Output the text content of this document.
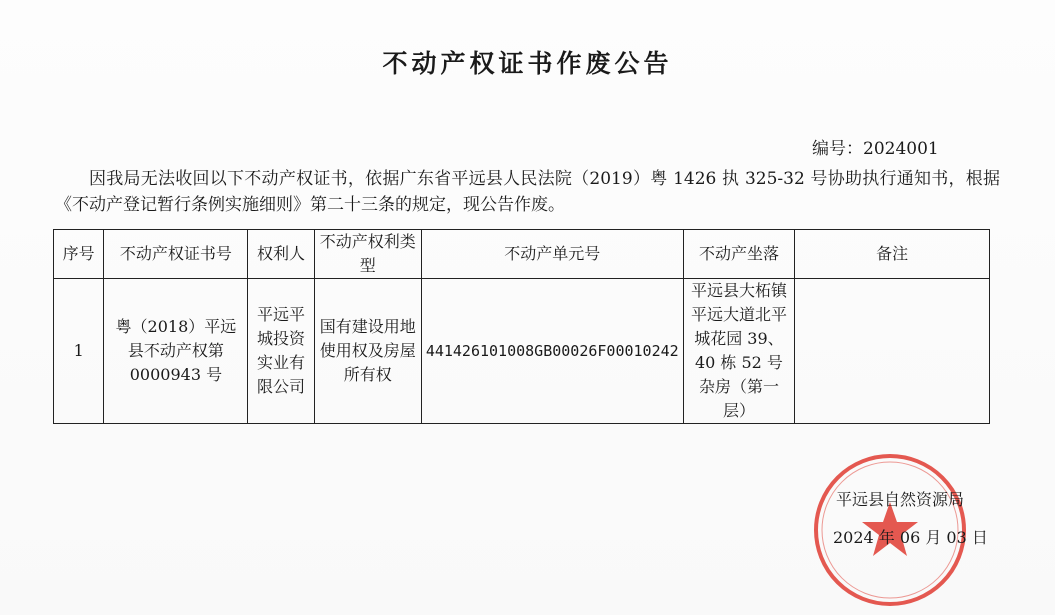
不动产权证书作废公告
编号：2024001
因我局无法收回以下不动产权证书，依据广东省平远县人民法院（2019）粤 1426 执 325-32 号协助执行通知书，根据《不动产登记暂行条例实施细则》第二十三条的规定，现公告作废。
序号	不动产权证书号	权利人	不动产权利类型	不动产单元号	不动产坐落	备注
1	粤（2018）平远县不动产权第0000943 号	平远平城投资实业有限公司	国有建设用地使用权及房屋所有权	441426101008GB00026F00010242	平远县大柘镇平远大道北平城花园 39、40 栋 52 号杂房（第一层）	
平远县自然资源局
2024 年 06 月 03 日
